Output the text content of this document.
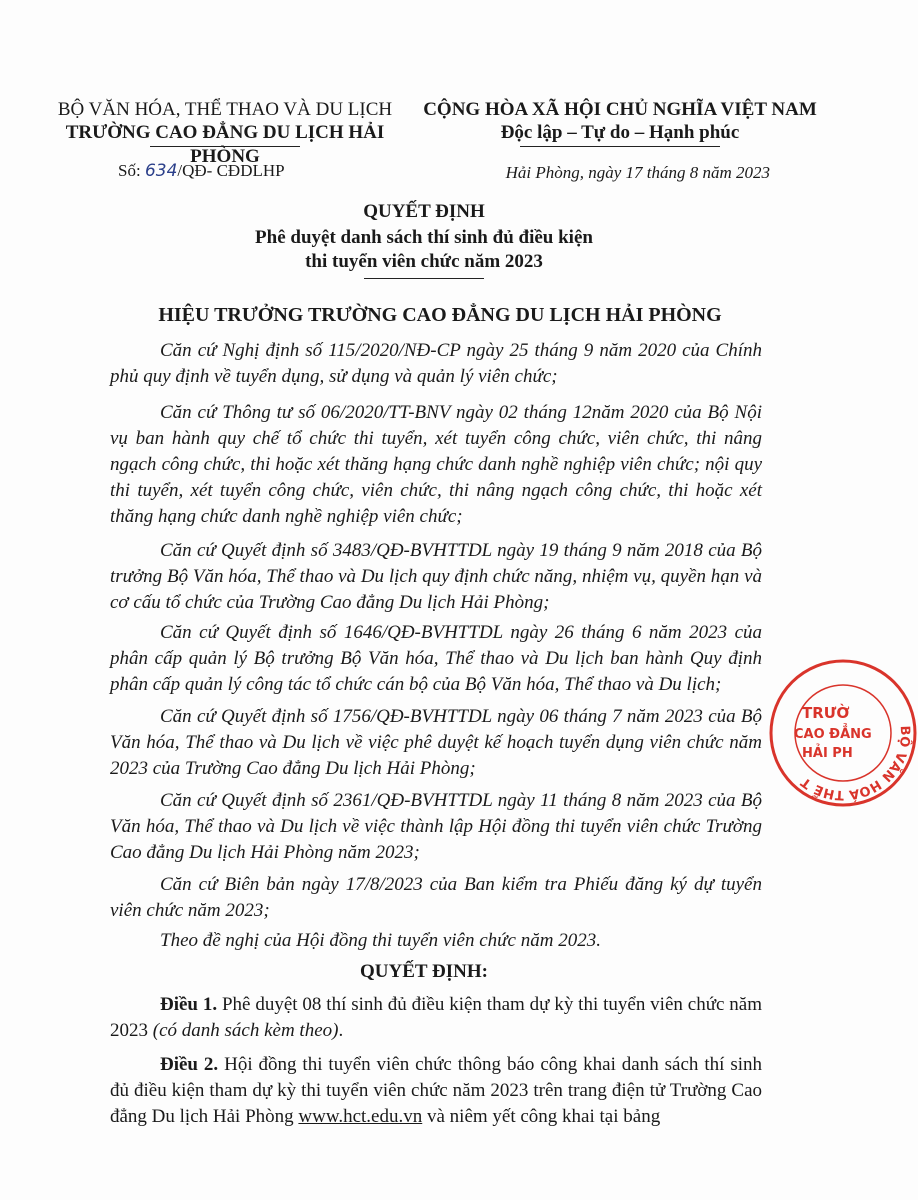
BỘ VĂN HÓA, THỂ THAO VÀ DU LỊCH
TRƯỜNG CAO ĐẲNG DU LỊCH HẢI PHÒNG
CỘNG HÒA XÃ HỘI CHỦ NGHĨA VIỆT NAM
Độc lập – Tự do – Hạnh phúc
Số: 634/QĐ- CĐDLHP	Hải Phòng, ngày 17 tháng 8 năm 2023
QUYẾT ĐỊNH
Phê duyệt danh sách thí sinh đủ điều kiện
thi tuyển viên chức năm 2023
HIỆU TRƯỞNG TRƯỜNG CAO ĐẲNG DU LỊCH HẢI PHÒNG
Căn cứ Nghị định số 115/2020/NĐ-CP ngày 25 tháng 9 năm 2020 của Chính phủ quy định về tuyển dụng, sử dụng và quản lý viên chức;
Căn cứ Thông tư số 06/2020/TT-BNV ngày 02 tháng 12năm 2020 của Bộ Nội vụ ban hành quy chế tổ chức thi tuyển, xét tuyển công chức, viên chức, thi nâng ngạch công chức, thi hoặc xét thăng hạng chức danh nghề nghiệp viên chức; nội quy thi tuyển, xét tuyển công chức, viên chức, thi nâng ngạch công chức, thi hoặc xét thăng hạng chức danh nghề nghiệp viên chức;
Căn cứ Quyết định số 3483/QĐ-BVHTTDL ngày 19 tháng 9 năm 2018 của Bộ trưởng Bộ Văn hóa, Thể thao và Du lịch quy định chức năng, nhiệm vụ, quyền hạn và cơ cấu tổ chức của Trường Cao đẳng Du lịch Hải Phòng;
Căn cứ Quyết định số 1646/QĐ-BVHTTDL ngày 26 tháng 6 năm 2023 của phân cấp quản lý Bộ trưởng Bộ Văn hóa, Thể thao và Du lịch ban hành Quy định phân cấp quản lý công tác tổ chức cán bộ của Bộ Văn hóa, Thể thao và Du lịch;
Căn cứ Quyết định số 1756/QĐ-BVHTTDL ngày 06 tháng 7 năm 2023 của Bộ Văn hóa, Thể thao và Du lịch về việc phê duyệt kế hoạch tuyển dụng viên chức năm 2023 của Trường Cao đẳng Du lịch Hải Phòng;
Căn cứ Quyết định số 2361/QĐ-BVHTTDL ngày 11 tháng 8 năm 2023 của Bộ Văn hóa, Thể thao và Du lịch về việc thành lập Hội đồng thi tuyển viên chức Trường Cao đẳng Du lịch Hải Phòng năm 2023;
Căn cứ Biên bản ngày 17/8/2023 của Ban kiểm tra Phiếu đăng ký dự tuyển viên chức năm 2023;
Theo đề nghị của Hội đồng thi tuyển viên chức năm 2023.
QUYẾT ĐỊNH:
Điều 1. Phê duyệt 08 thí sinh đủ điều kiện tham dự kỳ thi tuyển viên chức năm 2023 (có danh sách kèm theo).
Điều 2. Hội đồng thi tuyển viên chức thông báo công khai danh sách thí sinh đủ điều kiện tham dự kỳ thi tuyển viên chức năm 2023 trên trang điện tử Trường Cao đẳng Du lịch Hải Phòng www.hct.edu.vn và niêm yết công khai tại bảng
BỘ VĂN HOÁ THỂ T
TRƯỜ
CAO ĐẲNG
HẢI PH
